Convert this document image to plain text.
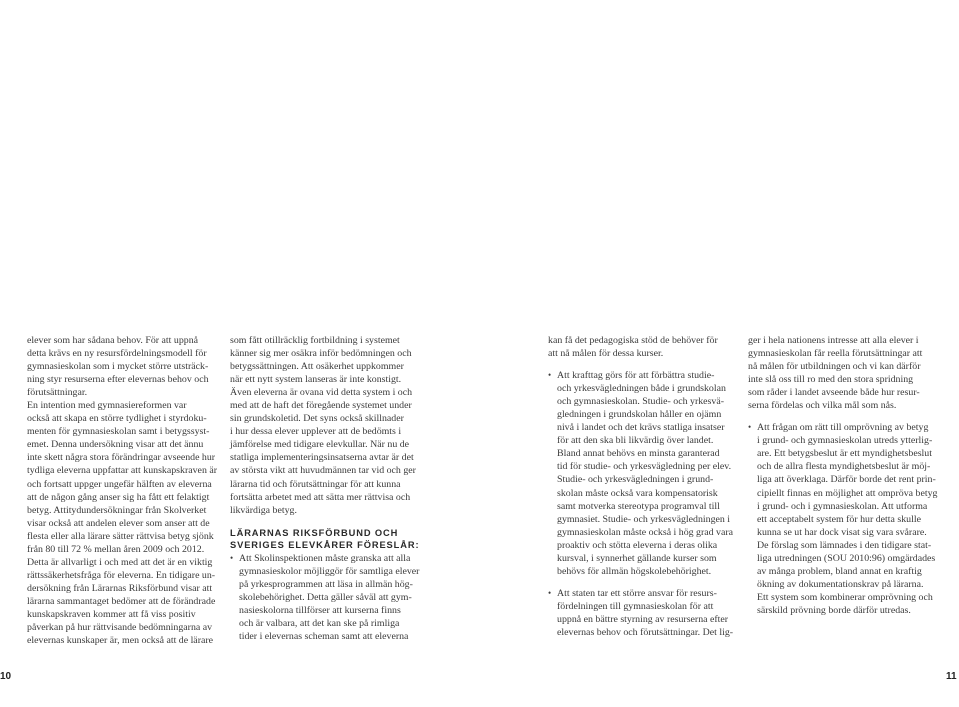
elever som har sådana behov. För att uppnå
detta krävs en ny resursfördelningsmodell för
gymnasieskolan som i mycket större utsträck-
ning styr resurserna efter elevernas behov och
förutsättningar.
En intention med gymnasiereformen var
också att skapa en större tydlighet i styrdoku-
menten för gymnasieskolan samt i betygssyst-
emet. Denna undersökning visar att det ännu
inte skett några stora förändringar avseende hur
tydliga eleverna uppfattar att kunskapskraven är
och fortsatt uppger ungefär hälften av eleverna
att de någon gång anser sig ha fått ett felaktigt
betyg. Attitydundersökningar från Skolverket
visar också att andelen elever som anser att de
flesta eller alla lärare sätter rättvisa betyg sjönk
från 80 till 72 % mellan åren 2009 och 2012.
Detta är allvarligt i och med att det är en viktig
rättssäkerhetsfråga för eleverna. En tidigare un-
dersökning från Lärarnas Riksförbund visar att
lärarna sammantaget bedömer att de förändrade
kunskapskraven kommer att få viss positiv
påverkan på hur rättvisande bedömningarna av
elevernas kunskaper är, men också att de lärare
som fått otillräcklig fortbildning i systemet
känner sig mer osäkra inför bedömningen och
betygssättningen. Att osäkerhet uppkommer
när ett nytt system lanseras är inte konstigt.
Även eleverna är ovana vid detta system i och
med att de haft det föregående systemet under
sin grundskoletid. Det syns också skillnader
i hur dessa elever upplever att de bedömts i
jämförelse med tidigare elevkullar. När nu de
statliga implementeringsinsatserna avtar är det
av största vikt att huvudmännen tar vid och ger
lärarna tid och förutsättningar för att kunna
fortsätta arbetet med att sätta mer rättvisa och
likvärdiga betyg.
LÄRARNAS RIKSFÖRBUND OCH
SVERIGES ELEVKÅRER FÖRESLÅR:
• Att Skolinspektionen måste granska att alla
gymnasieskolor möjliggör för samtliga elever
på yrkesprogrammen att läsa in allmän hög-
skolebehörighet. Detta gäller såväl att gym-
nasieskolorna tillförser att kurserna finns
och är valbara, att det kan ske på rimliga
tider i elevernas scheman samt att eleverna
10
kan få det pedagogiska stöd de behöver för
att nå målen för dessa kurser.
• Att krafttag görs för att förbättra studie-
och yrkesvägledningen både i grundskolan
och gymnasieskolan. Studie- och yrkesvä-
gledningen i grundskolan håller en ojämn
nivå i landet och det krävs statliga insatser
för att den ska bli likvärdig över landet.
Bland annat behövs en minsta garanterad
tid för studie- och yrkesvägledning per elev.
Studie- och yrkesvägledningen i grund-
skolan måste också vara kompensatorisk
samt motverka stereotypa programval till
gymnasiet. Studie- och yrkesvägledningen i
gymnasieskolan måste också i hög grad vara
proaktiv och stötta eleverna i deras olika
kursval, i synnerhet gällande kurser som
behövs för allmän högskolebehörighet.
• Att staten tar ett större ansvar för resurs-
fördelningen till gymnasieskolan för att
uppnå en bättre styrning av resurserna efter
elevernas behov och förutsättningar. Det lig-
ger i hela nationens intresse att alla elever i
gymnasieskolan får reella förutsättningar att
nå målen för utbildningen och vi kan därför
inte slå oss till ro med den stora spridning
som råder i landet avseende både hur resur-
serna fördelas och vilka mål som nås.
• Att frågan om rätt till omprövning av betyg
i grund- och gymnasieskolan utreds ytterlig-
are. Ett betygsbeslut är ett myndighetsbeslut
och de allra flesta myndighetsbeslut är möj-
liga att överklaga. Därför borde det rent prin-
cipiellt finnas en möjlighet att ompröva betyg
i grund- och i gymnasieskolan. Att utforma
ett acceptabelt system för hur detta skulle
kunna se ut har dock visat sig vara svårare.
De förslag som lämnades i den tidigare stat-
liga utredningen (SOU 2010:96) omgärdades
av många problem, bland annat en kraftig
ökning av dokumentationskrav på lärarna.
Ett system som kombinerar omprövning och
särskild prövning borde därför utredas.
11
